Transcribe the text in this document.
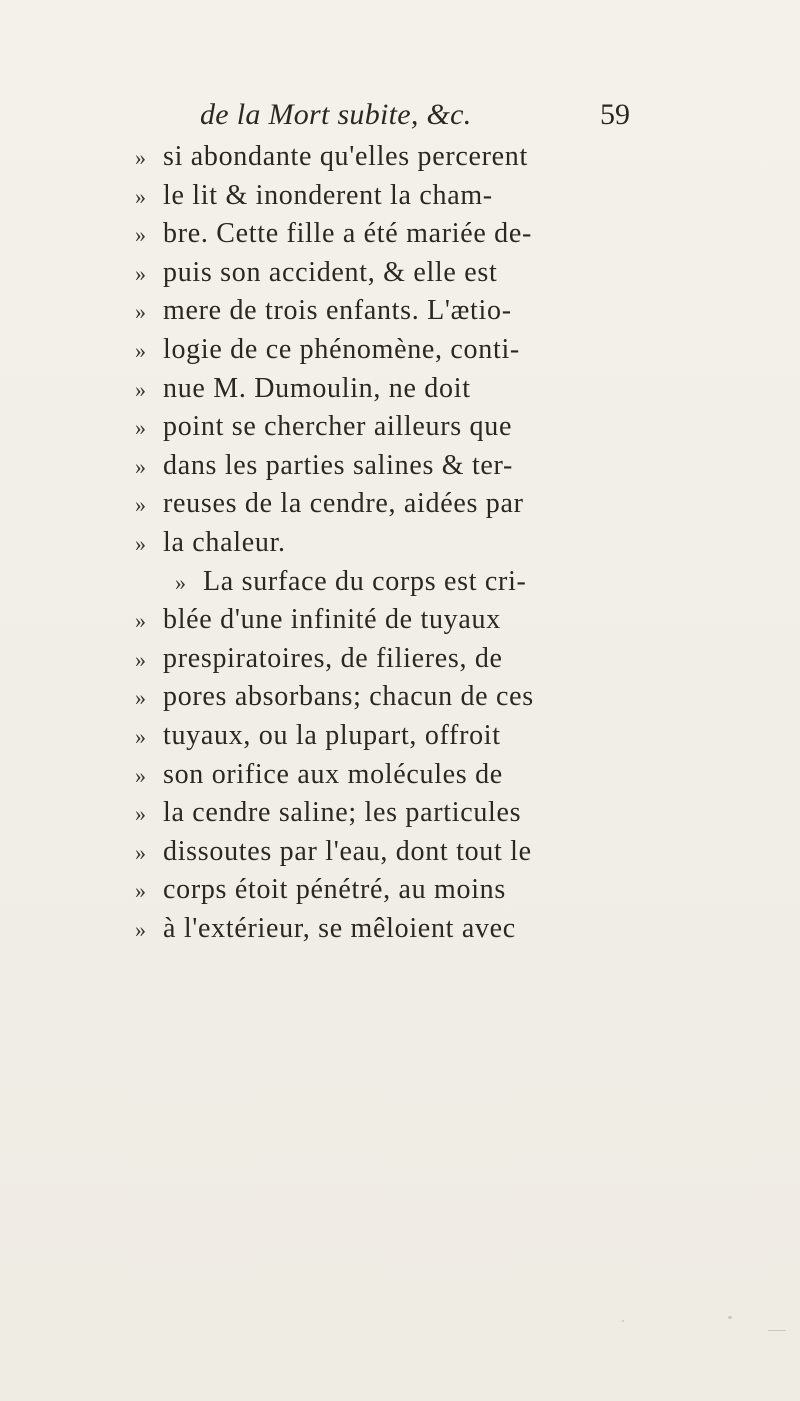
de la Mort subite, &c.	59
» si abondante qu'elles percerent
» le lit & inonderent la cham-
» bre. Cette fille a été mariée de-
» puis son accident, & elle est
» mere de trois enfants. L'ætio-
» logie de ce phénomène, conti-
» nue M. Dumoulin, ne doit
» point se chercher ailleurs que
» dans les parties salines & ter-
» reuses de la cendre, aidées par
» la chaleur.
» La surface du corps est cri-
» blée d'une infinité de tuyaux
» prespiratoires, de filieres, de
» pores absorbans; chacun de ces
» tuyaux, ou la plupart, offroit
» son orifice aux molécules de
» la cendre saline; les particules
» dissoutes par l'eau, dont tout le
» corps étoit pénétré, au moins
» à l'extérieur, se mêloient avec
